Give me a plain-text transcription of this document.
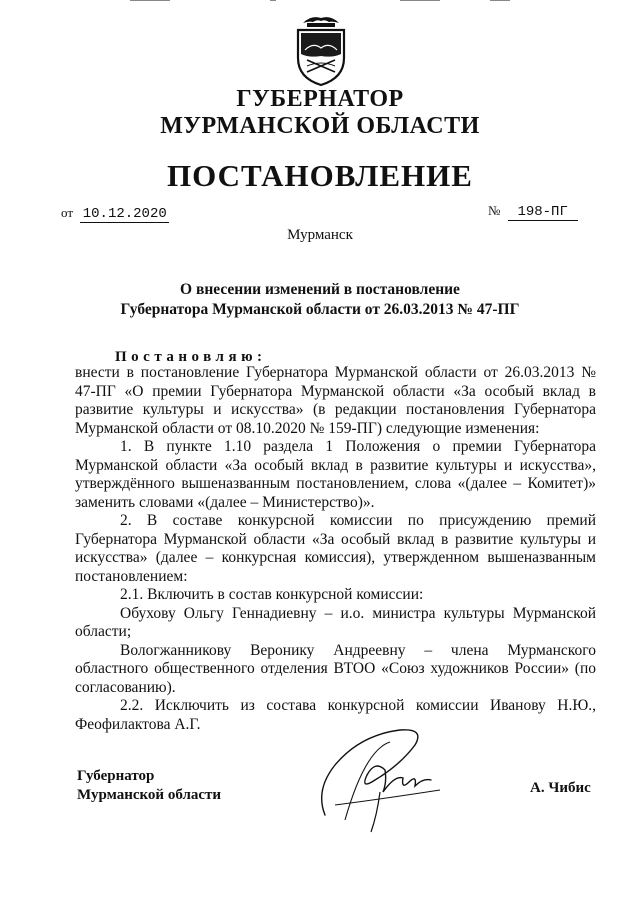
ГУБЕРНАТОР
МУРМАНСКОЙ ОБЛАСТИ
ПОСТАНОВЛЕНИЕ
от 10.12.2020	№ 198-ПГ
Мурманск
О внесении изменений в постановление
Губернатора Мурманской области от 26.03.2013 № 47-ПГ
Постановляю:

внести в постановление Губернатора Мурманской области от 26.03.2013 № 47-ПГ «О премии Губернатора Мурманской области «За особый вклад в развитие культуры и искусства» (в редакции постановления Губернатора Мурманской области от 08.10.2020 № 159-ПГ) следующие изменения:

1. В пункте 1.10 раздела 1 Положения о премии Губернатора Мурманской области «За особый вклад в развитие культуры и искусства», утверждённого вышеназванным постановлением, слова «(далее – Комитет)» заменить словами «(далее – Министерство)».

2. В составе конкурсной комиссии по присуждению премий Губернатора Мурманской области «За особый вклад в развитие культуры и искусства» (далее – конкурсная комиссия), утвержденном вышеназванным постановлением:

2.1. Включить в состав конкурсной комиссии:

Обухову Ольгу Геннадиевну – и.о. министра культуры Мурманской области;

Вологжанникову Веронику Андреевну – члена Мурманского областного общественного отделения ВТОО «Союз художников России» (по согласованию).

2.2. Исключить из состава конкурсной комиссии Иванову Н.Ю., Феофилактова А.Г.

Губернатор
Мурманской области	А. Чибис
